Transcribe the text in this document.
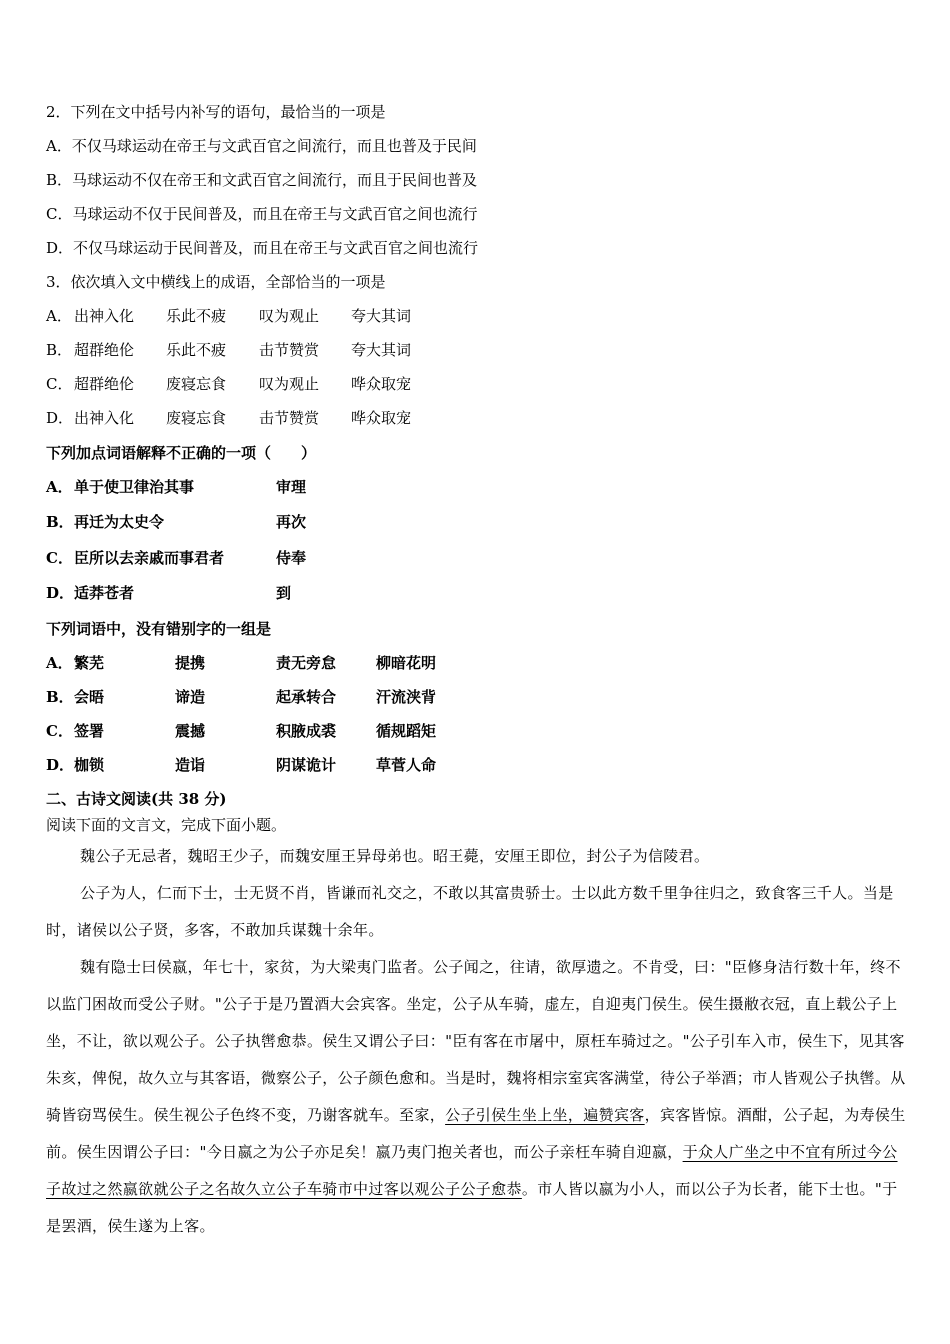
2．下列在文中括号内补写的语句，最恰当的一项是
A．不仅马球运动在帝王与文武百官之间流行，而且也普及于民间
B．马球运动不仅在帝王和文武百官之间流行，而且于民间也普及
C．马球运动不仅于民间普及，而且在帝王与文武百官之间也流行
D．不仅马球运动于民间普及，而且在帝王与文武百官之间也流行
3．依次填入文中横线上的成语，全部恰当的一项是
A． 出神入化 乐此不疲 叹为观止 夸大其词
B． 超群绝伦 乐此不疲 击节赞赏 夸大其词
C． 超群绝伦 废寝忘食 叹为观止 哗众取宠
D． 出神入化 废寝忘食 击节赞赏 哗众取宠
下列加点词语解释不正确的一项（　　）
A． 单于使卫律治其事	审理
B． 再迁为太史令	再次
C． 臣所以去亲戚而事君者	侍奉
D． 适莽苍者	到
下列词语中，没有错别字的一组是
A． 繁芜	提携	责无旁怠	柳暗花明
B． 会晤	谛造	起承转合	汗流浃背
C． 签署	震撼	积腋成裘	循规蹈矩
D． 枷锁	造诣	阴谋诡计	草菅人命
二、古诗文阅读(共 38 分)
阅读下面的文言文，完成下面小题。
魏公子无忌者，魏昭王少子，而魏安厘王异母弟也。昭王薨，安厘王即位，封公子为信陵君。
公子为人，仁而下士，士无贤不肖，皆谦而礼交之，不敢以其富贵骄士。士以此方数千里争往归之，致食客三千人。当是时，诸侯以公子贤，多客，不敢加兵谋魏十余年。
魏有隐士曰侯嬴，年七十，家贫，为大梁夷门监者。公子闻之，往请，欲厚遗之。不肯受，曰："臣修身洁行数十年，终不以监门困故而受公子财。"公子于是乃置酒大会宾客。坐定，公子从车骑，虚左，自迎夷门侯生。侯生摄敝衣冠，直上载公子上坐，不让，欲以观公子。公子执辔愈恭。侯生又谓公子曰："臣有客在市屠中，原枉车骑过之。"公子引车入市，侯生下，见其客朱亥，俾倪，故久立与其客语，微察公子，公子颜色愈和。当是时，魏将相宗室宾客满堂，待公子举酒；市人皆观公子执辔。从骑皆窃骂侯生。侯生视公子色终不变，乃谢客就车。至家，公子引侯生坐上坐，遍赞宾客，宾客皆惊。酒酣，公子起，为寿侯生前。侯生因谓公子曰："今日嬴之为公子亦足矣！嬴乃夷门抱关者也，而公子亲枉车骑自迎嬴，于众人广坐之中不宜有所过今公子故过之然嬴欲就公子之名故久立公子车骑市中过客以观公子公子愈恭。市人皆以嬴为小人，而以公子为长者，能下士也。"于是罢酒，侯生遂为上客。
